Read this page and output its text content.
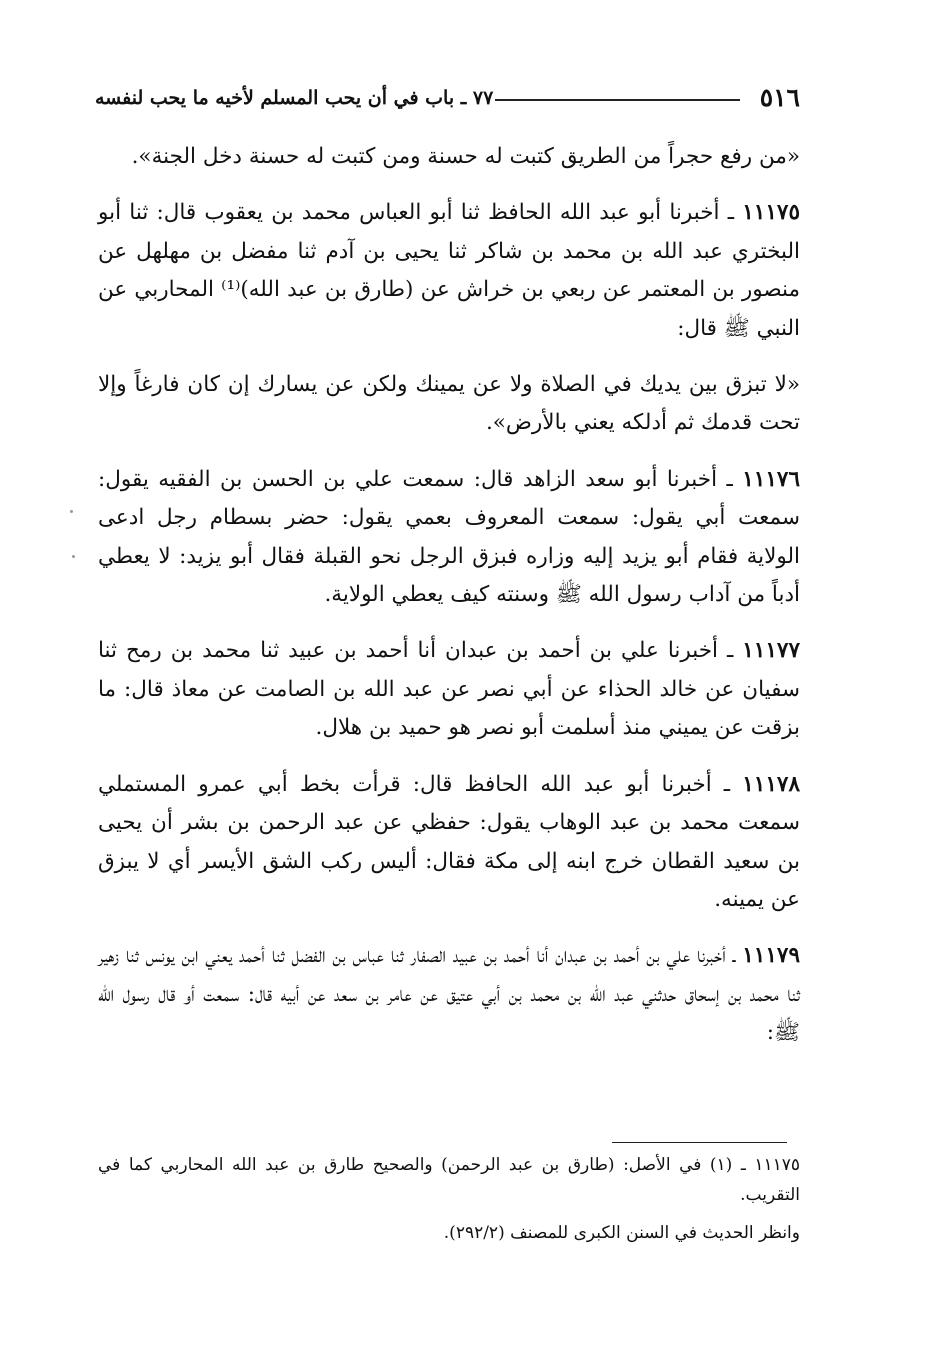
٥١٦
٧٧ ـ باب في أن يحب المسلم لأخيه ما يحب لنفسه

«من رفع حجراً من الطريق كتبت له حسنة ومن كتبت له حسنة دخل الجنة».

١١١٧٥ ـ أخبرنا أبو عبد الله الحافظ ثنا أبو العباس محمد بن يعقوب قال: ثنا أبو البختري عبد الله بن محمد بن شاكر ثنا يحيى بن آدم ثنا مفضل بن مهلهل عن منصور بن المعتمر عن ربعي بن خراش عن (طارق بن عبد الله)⁽¹⁾ المحاربي عن النبي ﷺ قال:

«لا تبزق بين يديك في الصلاة ولا عن يمينك ولكن عن يسارك إن كان فارغاً وإلا تحت قدمك ثم أدلكه يعني بالأرض».

١١١٧٦ ـ أخبرنا أبو سعد الزاهد قال: سمعت علي بن الحسن بن الفقيه يقول: سمعت أبي يقول: سمعت المعروف بعمي يقول: حضر بسطام رجل ادعى الولاية فقام أبو يزيد إليه وزاره فبزق الرجل نحو القبلة فقال أبو يزيد: لا يعطي أدباً من آداب رسول الله ﷺ وسنته كيف يعطي الولاية.

١١١٧٧ ـ أخبرنا علي بن أحمد بن عبدان أنا أحمد بن عبيد ثنا محمد بن رمح ثنا سفيان عن خالد الحذاء عن أبي نصر عن عبد الله بن الصامت عن معاذ قال: ما بزقت عن يميني منذ أسلمت أبو نصر هو حميد بن هلال.

١١١٧٨ ـ أخبرنا أبو عبد الله الحافظ قال: قرأت بخط أبي عمرو المستملي سمعت محمد بن عبد الوهاب يقول: حفظي عن عبد الرحمن بن بشر أن يحيى بن سعيد القطان خرج ابنه إلى مكة فقال: أليس ركب الشق الأيسر أي لا يبزق عن يمينه.

١١١٧٩ ـ أخبرنا علي بن أحمد بن عبدان أنا أحمد بن عبيد الصفار ثنا عباس بن الفضل ثنا أحمد يعني ابن يونس ثنا زهير ثنا محمد بن إسحاق حدثني عبد الله بن محمد بن أبي عتيق عن عامر بن سعد عن أبيه قال: سمعت أو قال رسول الله ﷺ:

١١١٧٥ ـ (١) في الأصل: (طارق بن عبد الرحمن) والصحيح طارق بن عبد الله المحاربي كما في التقريب.

وانظر الحديث في السنن الكبرى للمصنف (٢٩٢/٢).
